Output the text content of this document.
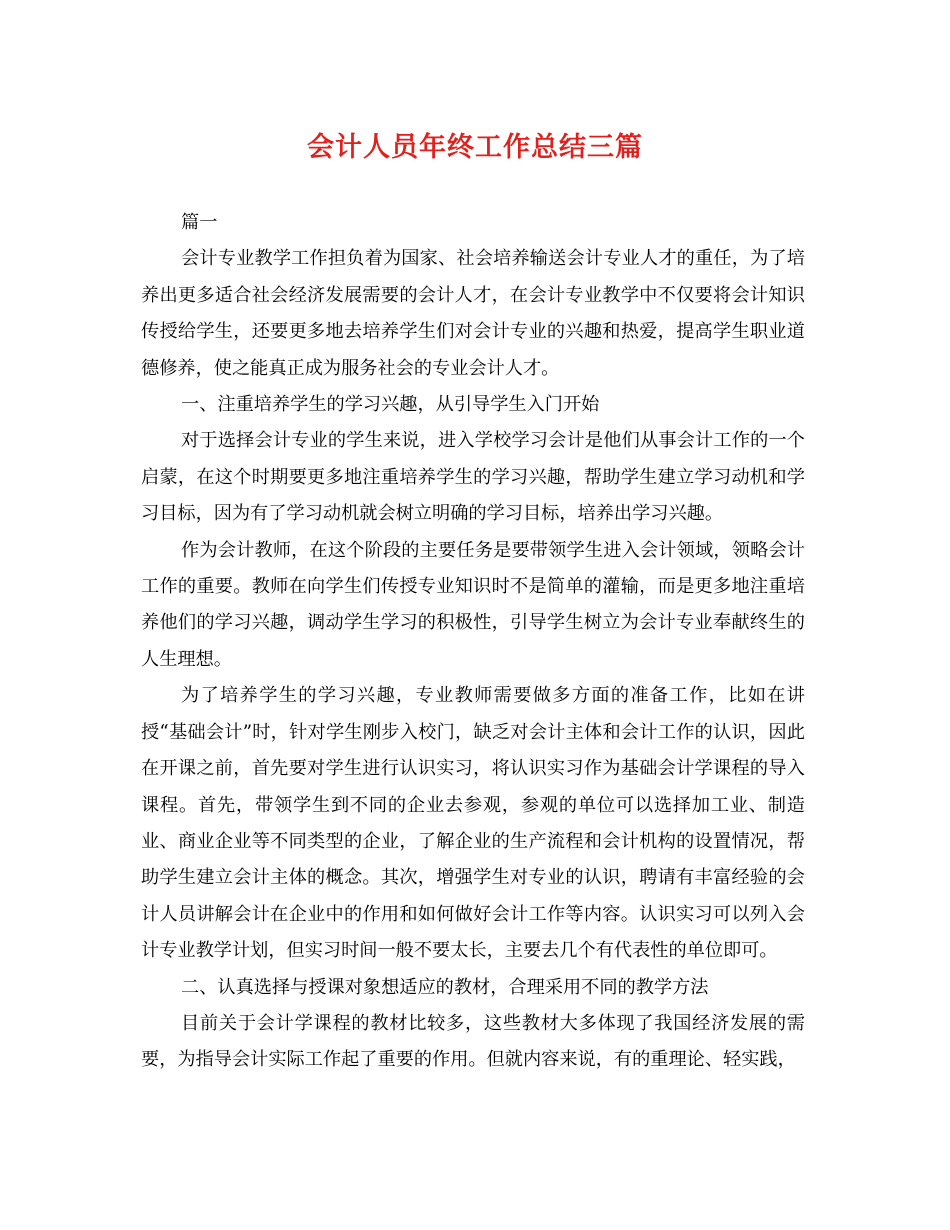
会计人员年终工作总结三篇

篇一

会计专业教学工作担负着为国家、社会培养输送会计专业人才的重任，为了培养出更多适合社会经济发展需要的会计人才，在会计专业教学中不仅要将会计知识传授给学生，还要更多地去培养学生们对会计专业的兴趣和热爱，提高学生职业道德修养，使之能真正成为服务社会的专业会计人才。

一、注重培养学生的学习兴趣，从引导学生入门开始

对于选择会计专业的学生来说，进入学校学习会计是他们从事会计工作的一个启蒙，在这个时期要更多地注重培养学生的学习兴趣，帮助学生建立学习动机和学习目标，因为有了学习动机就会树立明确的学习目标，培养出学习兴趣。

作为会计教师，在这个阶段的主要任务是要带领学生进入会计领域，领略会计工作的重要。教师在向学生们传授专业知识时不是简单的灌输，而是更多地注重培养他们的学习兴趣，调动学生学习的积极性，引导学生树立为会计专业奉献终生的人生理想。

为了培养学生的学习兴趣，专业教师需要做多方面的准备工作，比如在讲授“基础会计”时，针对学生刚步入校门，缺乏对会计主体和会计工作的认识，因此在开课之前，首先要对学生进行认识实习，将认识实习作为基础会计学课程的导入课程。首先，带领学生到不同的企业去参观，参观的单位可以选择加工业、制造业、商业企业等不同类型的企业，了解企业的生产流程和会计机构的设置情况，帮助学生建立会计主体的概念。其次，增强学生对专业的认识，聘请有丰富经验的会计人员讲解会计在企业中的作用和如何做好会计工作等内容。认识实习可以列入会计专业教学计划，但实习时间一般不要太长，主要去几个有代表性的单位即可。

二、认真选择与授课对象想适应的教材，合理采用不同的教学方法

目前关于会计学课程的教材比较多，这些教材大多体现了我国经济发展的需要，为指导会计实际工作起了重要的作用。但就内容来说，有的重理论、轻实践，
